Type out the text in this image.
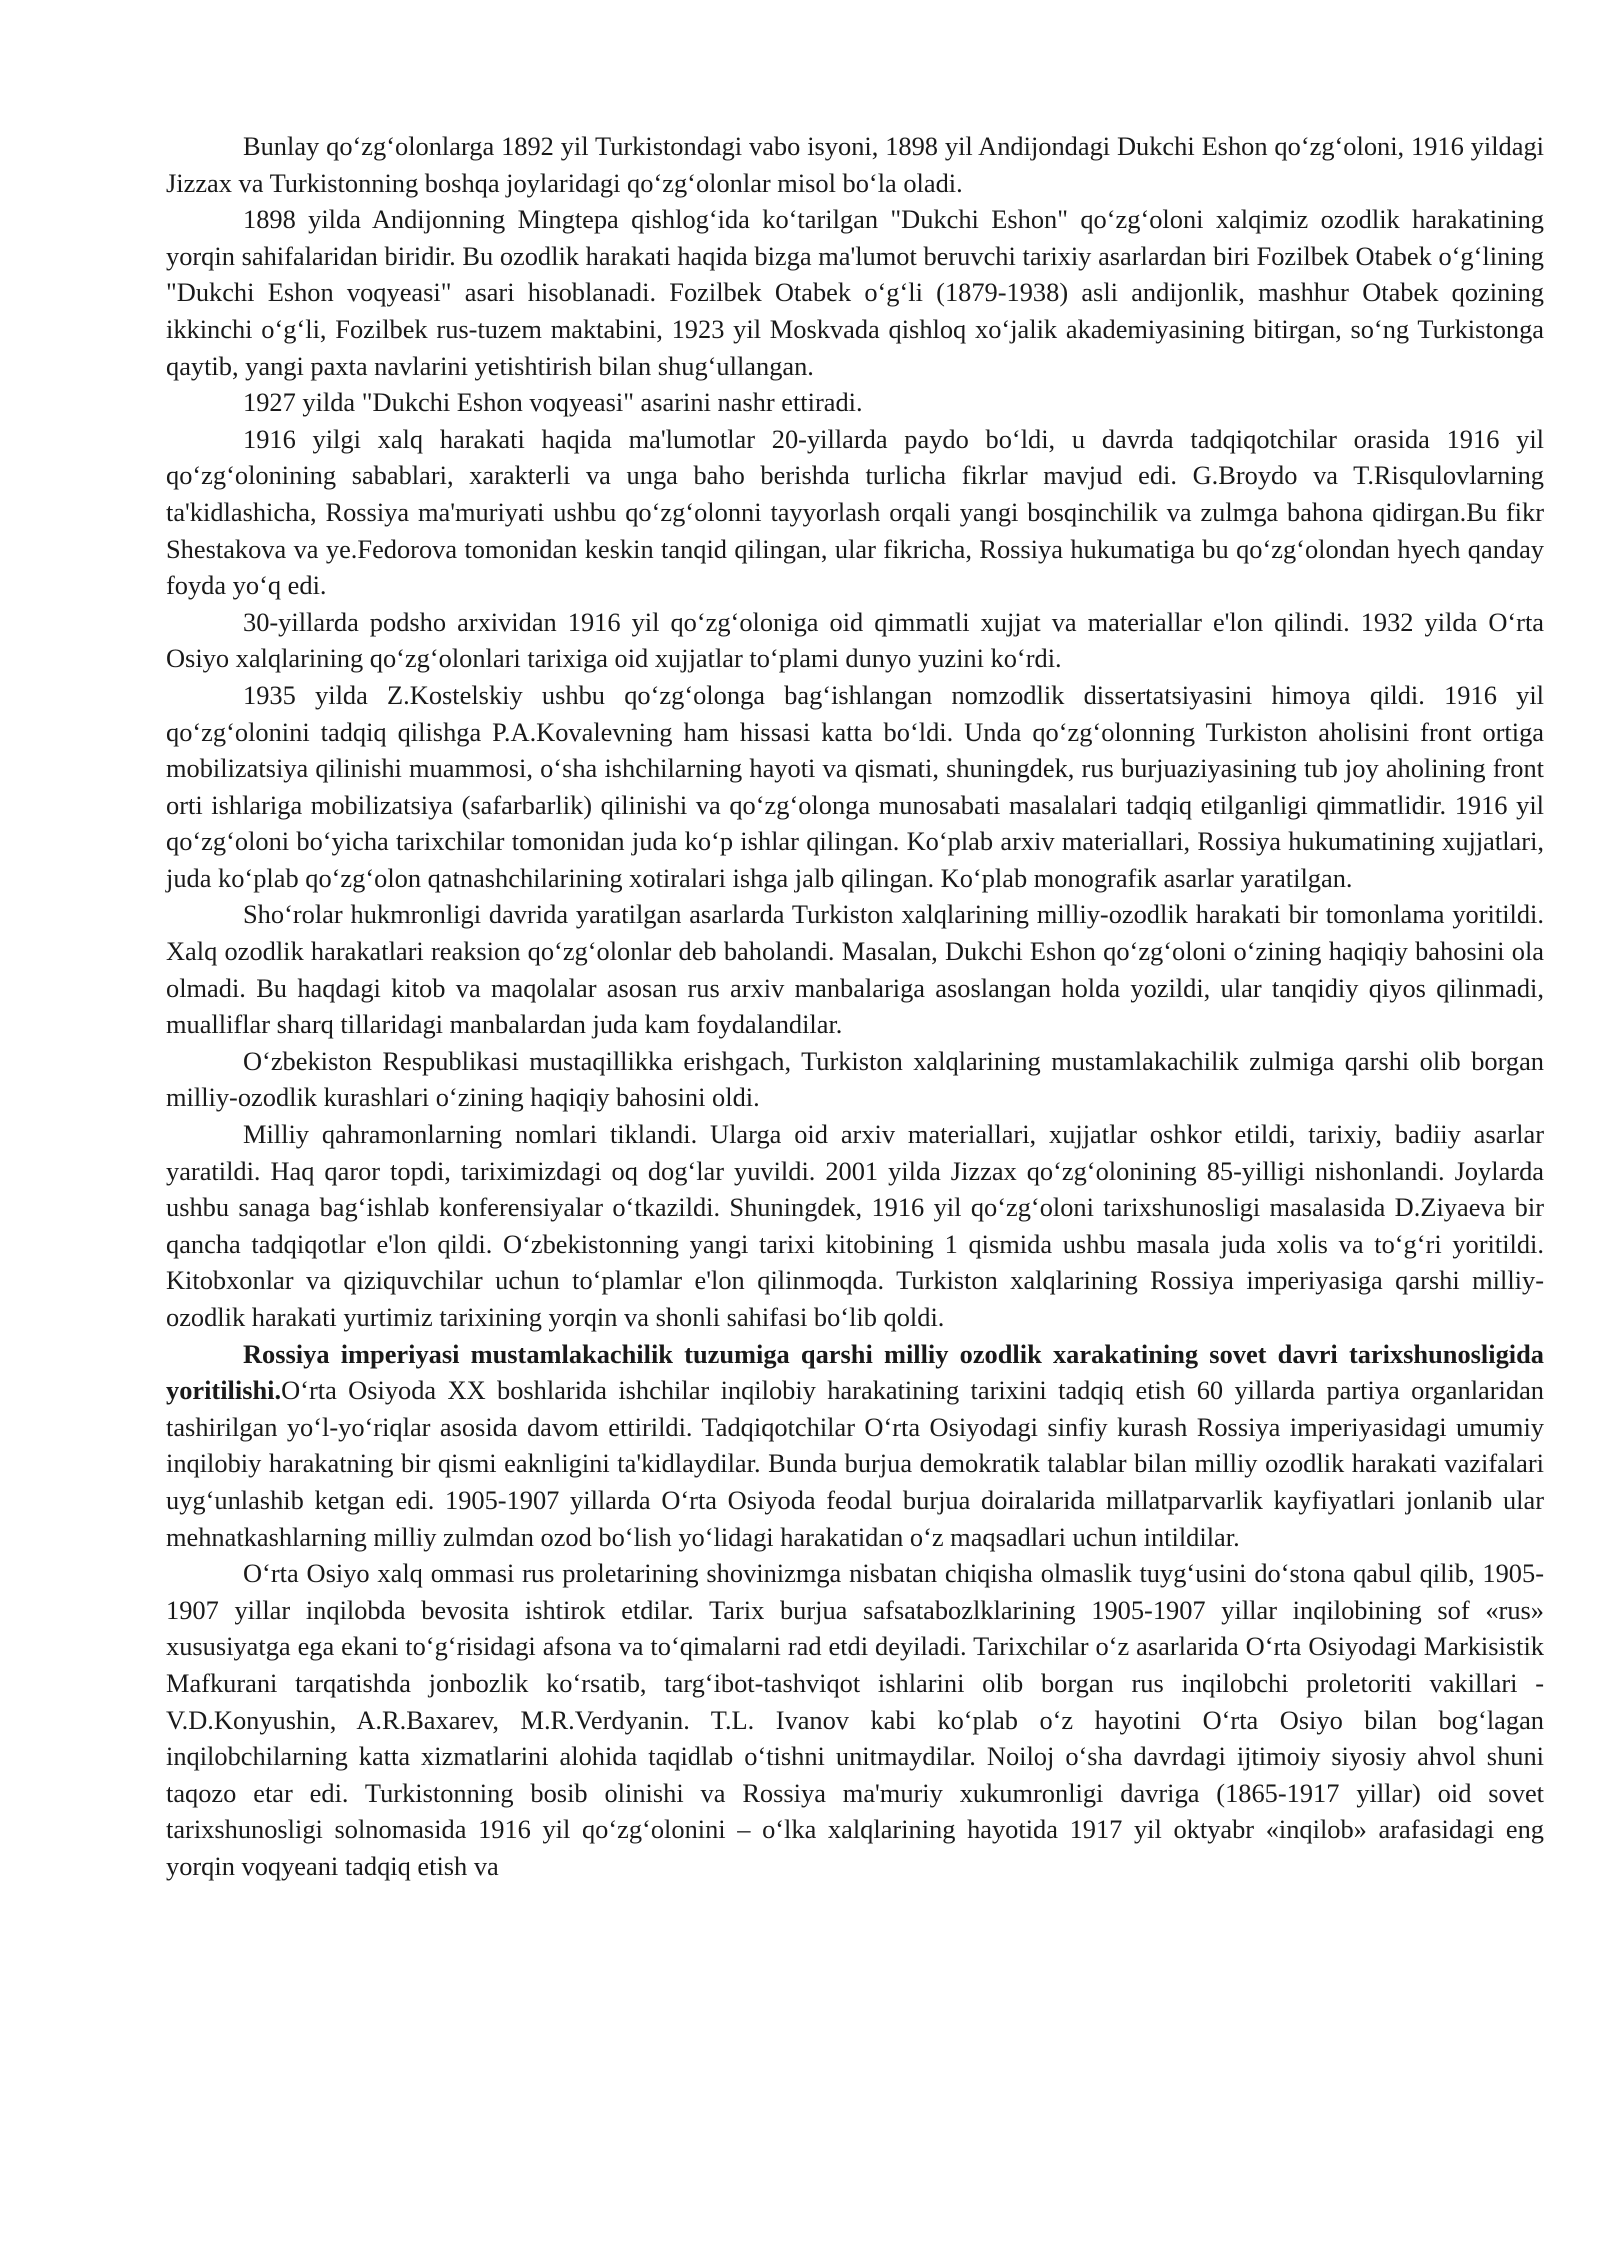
Bunlay qo‘zg‘olonlarga 1892 yil Turkistondagi vabo isyoni, 1898 yil Andijondagi Dukchi Eshon qo‘zg‘oloni, 1916 yildagi Jizzax va Turkistonning boshqa joylaridagi qo‘zg‘olonlar misol bo‘la oladi.

1898 yilda Andijonning Mingtepa qishlog‘ida ko‘tarilgan "Dukchi Eshon" qo‘zg‘oloni xalqimiz ozodlik harakatining yorqin sahifalaridan biridir. Bu ozodlik harakati haqida bizga ma'lumot beruvchi tarixiy asarlardan biri Fozilbek Otabek o‘g‘lining "Dukchi Eshon voqyeasi" asari hisoblanadi. Fozilbek Otabek o‘g‘li (1879-1938) asli andijonlik, mashhur Otabek qozining ikkinchi o‘g‘li, Fozilbek rus-tuzem maktabini, 1923 yil Moskvada qishloq xo‘jalik akademiyasining bitirgan, so‘ng Turkistonga qaytib, yangi paxta navlarini yetishtirish bilan shug‘ullangan.

1927 yilda "Dukchi Eshon voqyeasi" asarini nashr ettiradi.

1916 yilgi xalq harakati haqida ma'lumotlar 20-yillarda paydo bo‘ldi, u davrda tadqiqotchilar orasida 1916 yil qo‘zg‘olonining sabablari, xarakterli va unga baho berishda turlicha fikrlar mavjud edi. G.Broydo va T.Risqulovlarning ta'kidlashicha, Rossiya ma'muriyati ushbu qo‘zg‘olonni tayyorlash orqali yangi bosqinchilik va zulmga bahona qidirgan.Bu fikr Shestakova va ye.Fedorova tomonidan keskin tanqid qilingan, ular fikricha, Rossiya hukumatiga bu qo‘zg‘olondan hyech qanday foyda yo‘q edi.

30-yillarda podsho arxividan 1916 yil qo‘zg‘oloniga oid qimmatli xujjat va materiallar e'lon qilindi. 1932 yilda O‘rta Osiyo xalqlarining qo‘zg‘olonlari tarixiga oid xujjatlar to‘plami dunyo yuzini ko‘rdi.

1935 yilda Z.Kostelskiy ushbu qo‘zg‘olonga bag‘ishlangan nomzodlik dissertatsiyasini himoya qildi. 1916 yil qo‘zg‘olonini tadqiq qilishga P.A.Kovalevning ham hissasi katta bo‘ldi. Unda qo‘zg‘olonning Turkiston aholisini front ortiga mobilizatsiya qilinishi muammosi, o‘sha ishchilarning hayoti va qismati, shuningdek, rus burjuaziyasining tub joy aholining front orti ishlariga mobilizatsiya (safarbarlik) qilinishi va qo‘zg‘olonga munosabati masalalari tadqiq etilganligi qimmatlidir. 1916 yil qo‘zg‘oloni bo‘yicha tarixchilar tomonidan juda ko‘p ishlar qilingan. Ko‘plab arxiv materiallari, Rossiya hukumatining xujjatlari, juda ko‘plab qo‘zg‘olon qatnashchilarining xotiralari ishga jalb qilingan. Ko‘plab monografik asarlar yaratilgan.

Sho‘rolar hukmronligi davrida yaratilgan asarlarda Turkiston xalqlarining milliy-ozodlik harakati bir tomonlama yoritildi. Xalq ozodlik harakatlari reaksion qo‘zg‘olonlar deb baholandi. Masalan, Dukchi Eshon qo‘zg‘oloni o‘zining haqiqiy bahosini ola olmadi. Bu haqdagi kitob va maqolalar asosan rus arxiv manbalariga asoslangan holda yozildi, ular tanqidiy qiyos qilinmadi, mualliflar sharq tillaridagi manbalardan juda kam foydalandilar.

O‘zbekiston Respublikasi mustaqillikka erishgach, Turkiston xalqlarining mustamlakachilik zulmiga qarshi olib borgan milliy-ozodlik kurashlari o‘zining haqiqiy bahosini oldi.

Milliy qahramonlarning nomlari tiklandi. Ularga oid arxiv materiallari, xujjatlar oshkor etildi, tarixiy, badiiy asarlar yaratildi. Haq qaror topdi, tariximizdagi oq dog‘lar yuvildi. 2001 yilda Jizzax qo‘zg‘olonining 85-yilligi nishonlandi. Joylarda ushbu sanaga bag‘ishlab konferensiyalar o‘tkazildi. Shuningdek, 1916 yil qo‘zg‘oloni tarixshunosligi masalasida D.Ziyaeva bir qancha tadqiqotlar e'lon qildi. O‘zbekistonning yangi tarixi kitobining 1 qismida ushbu masala juda xolis va to‘g‘ri yoritildi. Kitobxonlar va qiziquvchilar uchun to‘plamlar e'lon qilinmoqda. Turkiston xalqlarining Rossiya imperiyasiga qarshi milliy-ozodlik harakati yurtimiz tarixining yorqin va shonli sahifasi bo‘lib qoldi.

Rossiya imperiyasi mustamlakachilik tuzumiga qarshi milliy ozodlik xarakatining sovet davri tarixshunosligida yoritilishi.O‘rta Osiyoda XX boshlarida ishchilar inqilobiy harakatining tarixini tadqiq etish 60 yillarda partiya organlaridan tashirilgan yo‘l-yo‘riqlar asosida davom ettirildi. Tadqiqotchilar O‘rta Osiyodagi sinfiy kurash Rossiya imperiyasidagi umumiy inqilobiy harakatning bir qismi eaknligini ta'kidlaydilar. Bunda burjua demokratik talablar bilan milliy ozodlik harakati vazifalari uyg‘unlashib ketgan edi. 1905-1907 yillarda O‘rta Osiyoda feodal burjua doiralarida millatparvarlik kayfiyatlari jonlanib ular mehnatkashlarning milliy zulmdan ozod bo‘lish yo‘lidagi harakatidan o‘z maqsadlari uchun intildilar.

O‘rta Osiyo xalq ommasi rus proletarining shovinizmga nisbatan chiqisha olmaslik tuyg‘usini do‘stona qabul qilib, 1905-1907 yillar inqilobda bevosita ishtirok etdilar. Tarix burjua safsatabozlklarining 1905-1907 yillar inqilobining sof «rus» xususiyatga ega ekani to‘g‘risidagi afsona va to‘qimalarni rad etdi deyiladi. Tarixchilar o‘z asarlarida O‘rta Osiyodagi Markisistik Mafkurani tarqatishda jonbozlik ko‘rsatib, targ‘ibot-tashviqot ishlarini olib borgan rus inqilobchi proletoriti vakillari - V.D.Konyushin, A.R.Baxarev, M.R.Verdyanin. T.L. Ivanov kabi ko‘plab o‘z hayotini O‘rta Osiyo bilan bog‘lagan inqilobchilarning katta xizmatlarini alohida taqidlab o‘tishni unitmaydilar. Noiloj o‘sha davrdagi ijtimoiy siyosiy ahvol shuni taqozo etar edi. Turkistonning bosib olinishi va Rossiya ma'muriy xukumronligi davriga (1865-1917 yillar) oid sovet tarixshunosligi solnomasida 1916 yil qo‘zg‘olonini – o‘lka xalqlarining hayotida 1917 yil oktyabr «inqilob» arafasidagi eng yorqin voqyeani tadqiq etish va
